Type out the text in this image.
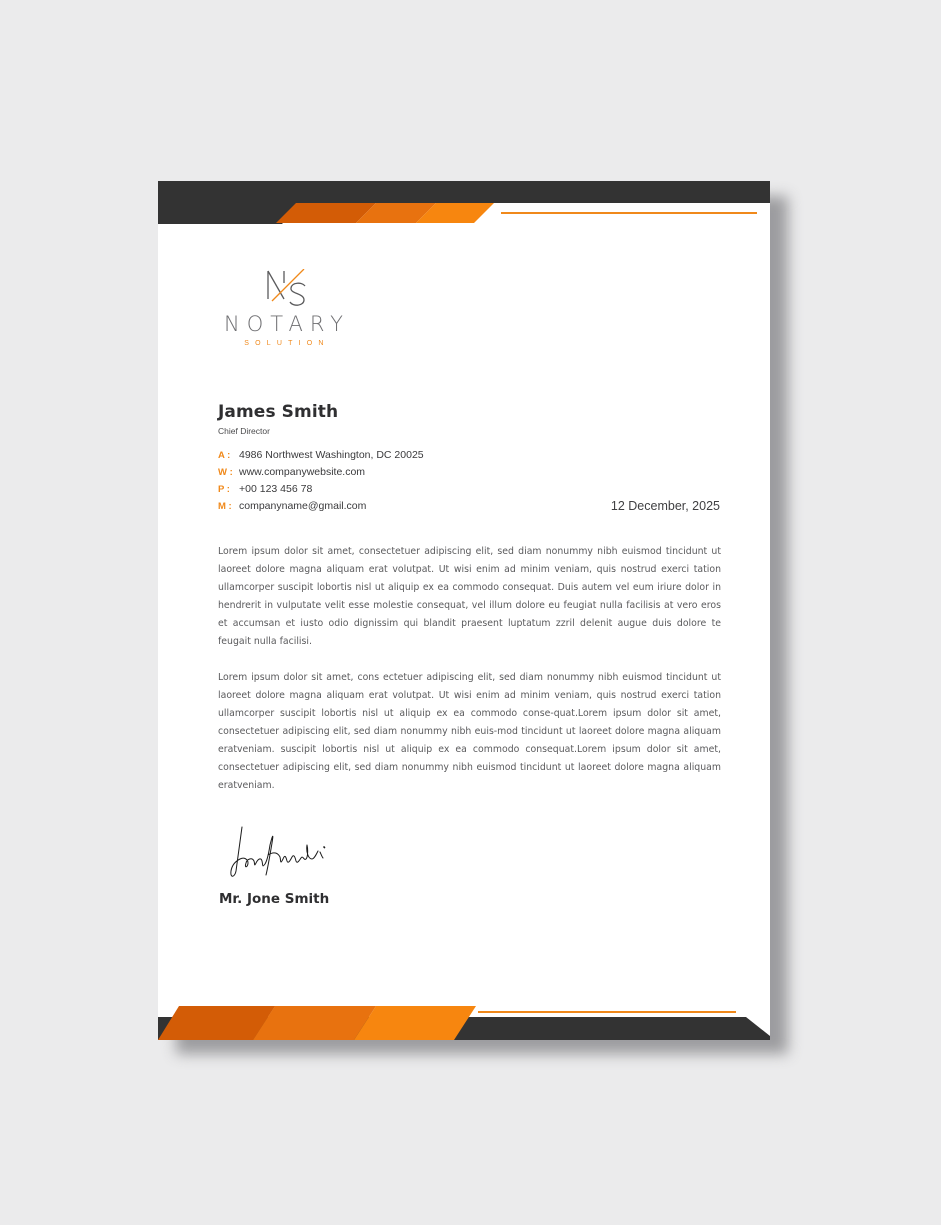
NOTARY
SOLUTION
James Smith
Chief Director
A : 4986 Northwest Washington, DC 20025
W : www.companywebsite.com
P : +00 123 456 78
M : companyname@gmail.com	12 December, 2025

Lorem ipsum dolor sit amet, consectetuer adipiscing elit, sed diam nonummy nibh euismod tincidunt ut laoreet dolore magna aliquam erat volutpat. Ut wisi enim ad minim veniam, quis nostrud exerci tation ullamcorper suscipit lobortis nisl ut aliquip ex ea commodo consequat. Duis autem vel eum iriure dolor in hendrerit in vulputate velit esse molestie consequat, vel illum dolore eu feugiat nulla facilisis at vero eros et accumsan et iusto odio dignissim qui blandit praesent luptatum zzril delenit augue duis dolore te feugait nulla facilisi.

Lorem ipsum dolor sit amet, cons ectetuer adipiscing elit, sed diam nonummy nibh euismod tincidunt ut laoreet dolore magna aliquam erat volutpat. Ut wisi enim ad minim veniam, quis nostrud exerci tation ullamcorper suscipit lobortis nisl ut aliquip ex ea commodo conse-quat.Lorem ipsum dolor sit amet, consectetuer adipiscing elit, sed diam nonummy nibh euis-mod tincidunt ut laoreet dolore magna aliquam eratveniam. suscipit lobortis nisl ut aliquip ex ea commodo consequat.Lorem ipsum dolor sit amet, consectetuer adipiscing elit, sed diam nonummy nibh euismod tincidunt ut laoreet dolore magna aliquam eratveniam.

Mr. Jone Smith
